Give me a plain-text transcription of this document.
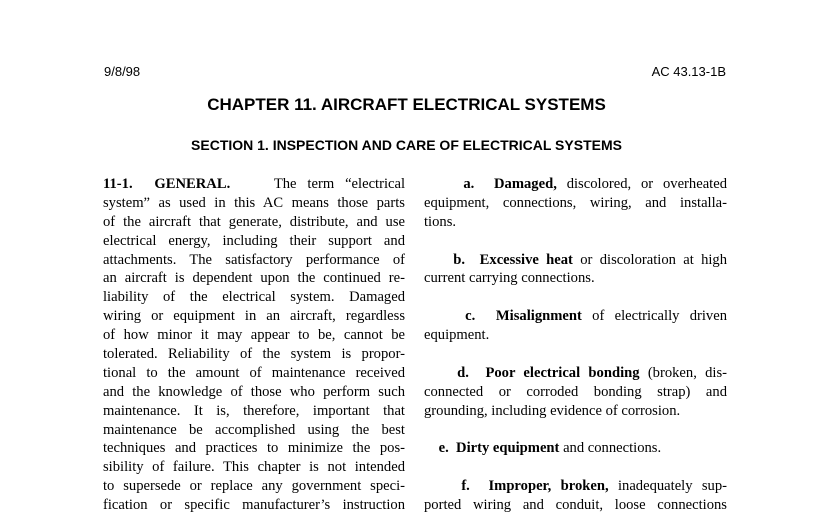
9/8/98	AC 43.13-1B
CHAPTER 11. AIRCRAFT ELECTRICAL SYSTEMS
SECTION 1. INSPECTION AND CARE OF ELECTRICAL SYSTEMS
11-1. GENERAL.	The term “electrical
system” as used in this AC means those parts
of the aircraft that generate, distribute, and use
electrical energy, including their support and
attachments. The satisfactory performance of
an aircraft is dependent upon the continued re-
liability of the electrical system. Damaged
wiring or equipment in an aircraft, regardless
of how minor it may appear to be, cannot be
tolerated. Reliability of the system is propor-
tional to the amount of maintenance received
and the knowledge of those who perform such
maintenance. It is, therefore, important that
maintenance be accomplished using the best
techniques and practices to minimize the pos-
sibility of failure. This chapter is not intended
to supersede or replace any government speci-
fication or specific manufacturer’s instruction
a. Damaged, discolored, or overheated
equipment, connections, wiring, and installa-
tions.
b. Excessive heat or discoloration at high
current carrying connections.
c. Misalignment of electrically driven
equipment.
d. Poor electrical bonding (broken, dis-
connected or corroded bonding strap) and
grounding, including evidence of corrosion.
e. Dirty equipment and connections.
f. Improper, broken, inadequately sup-
ported wiring and conduit, loose connections
